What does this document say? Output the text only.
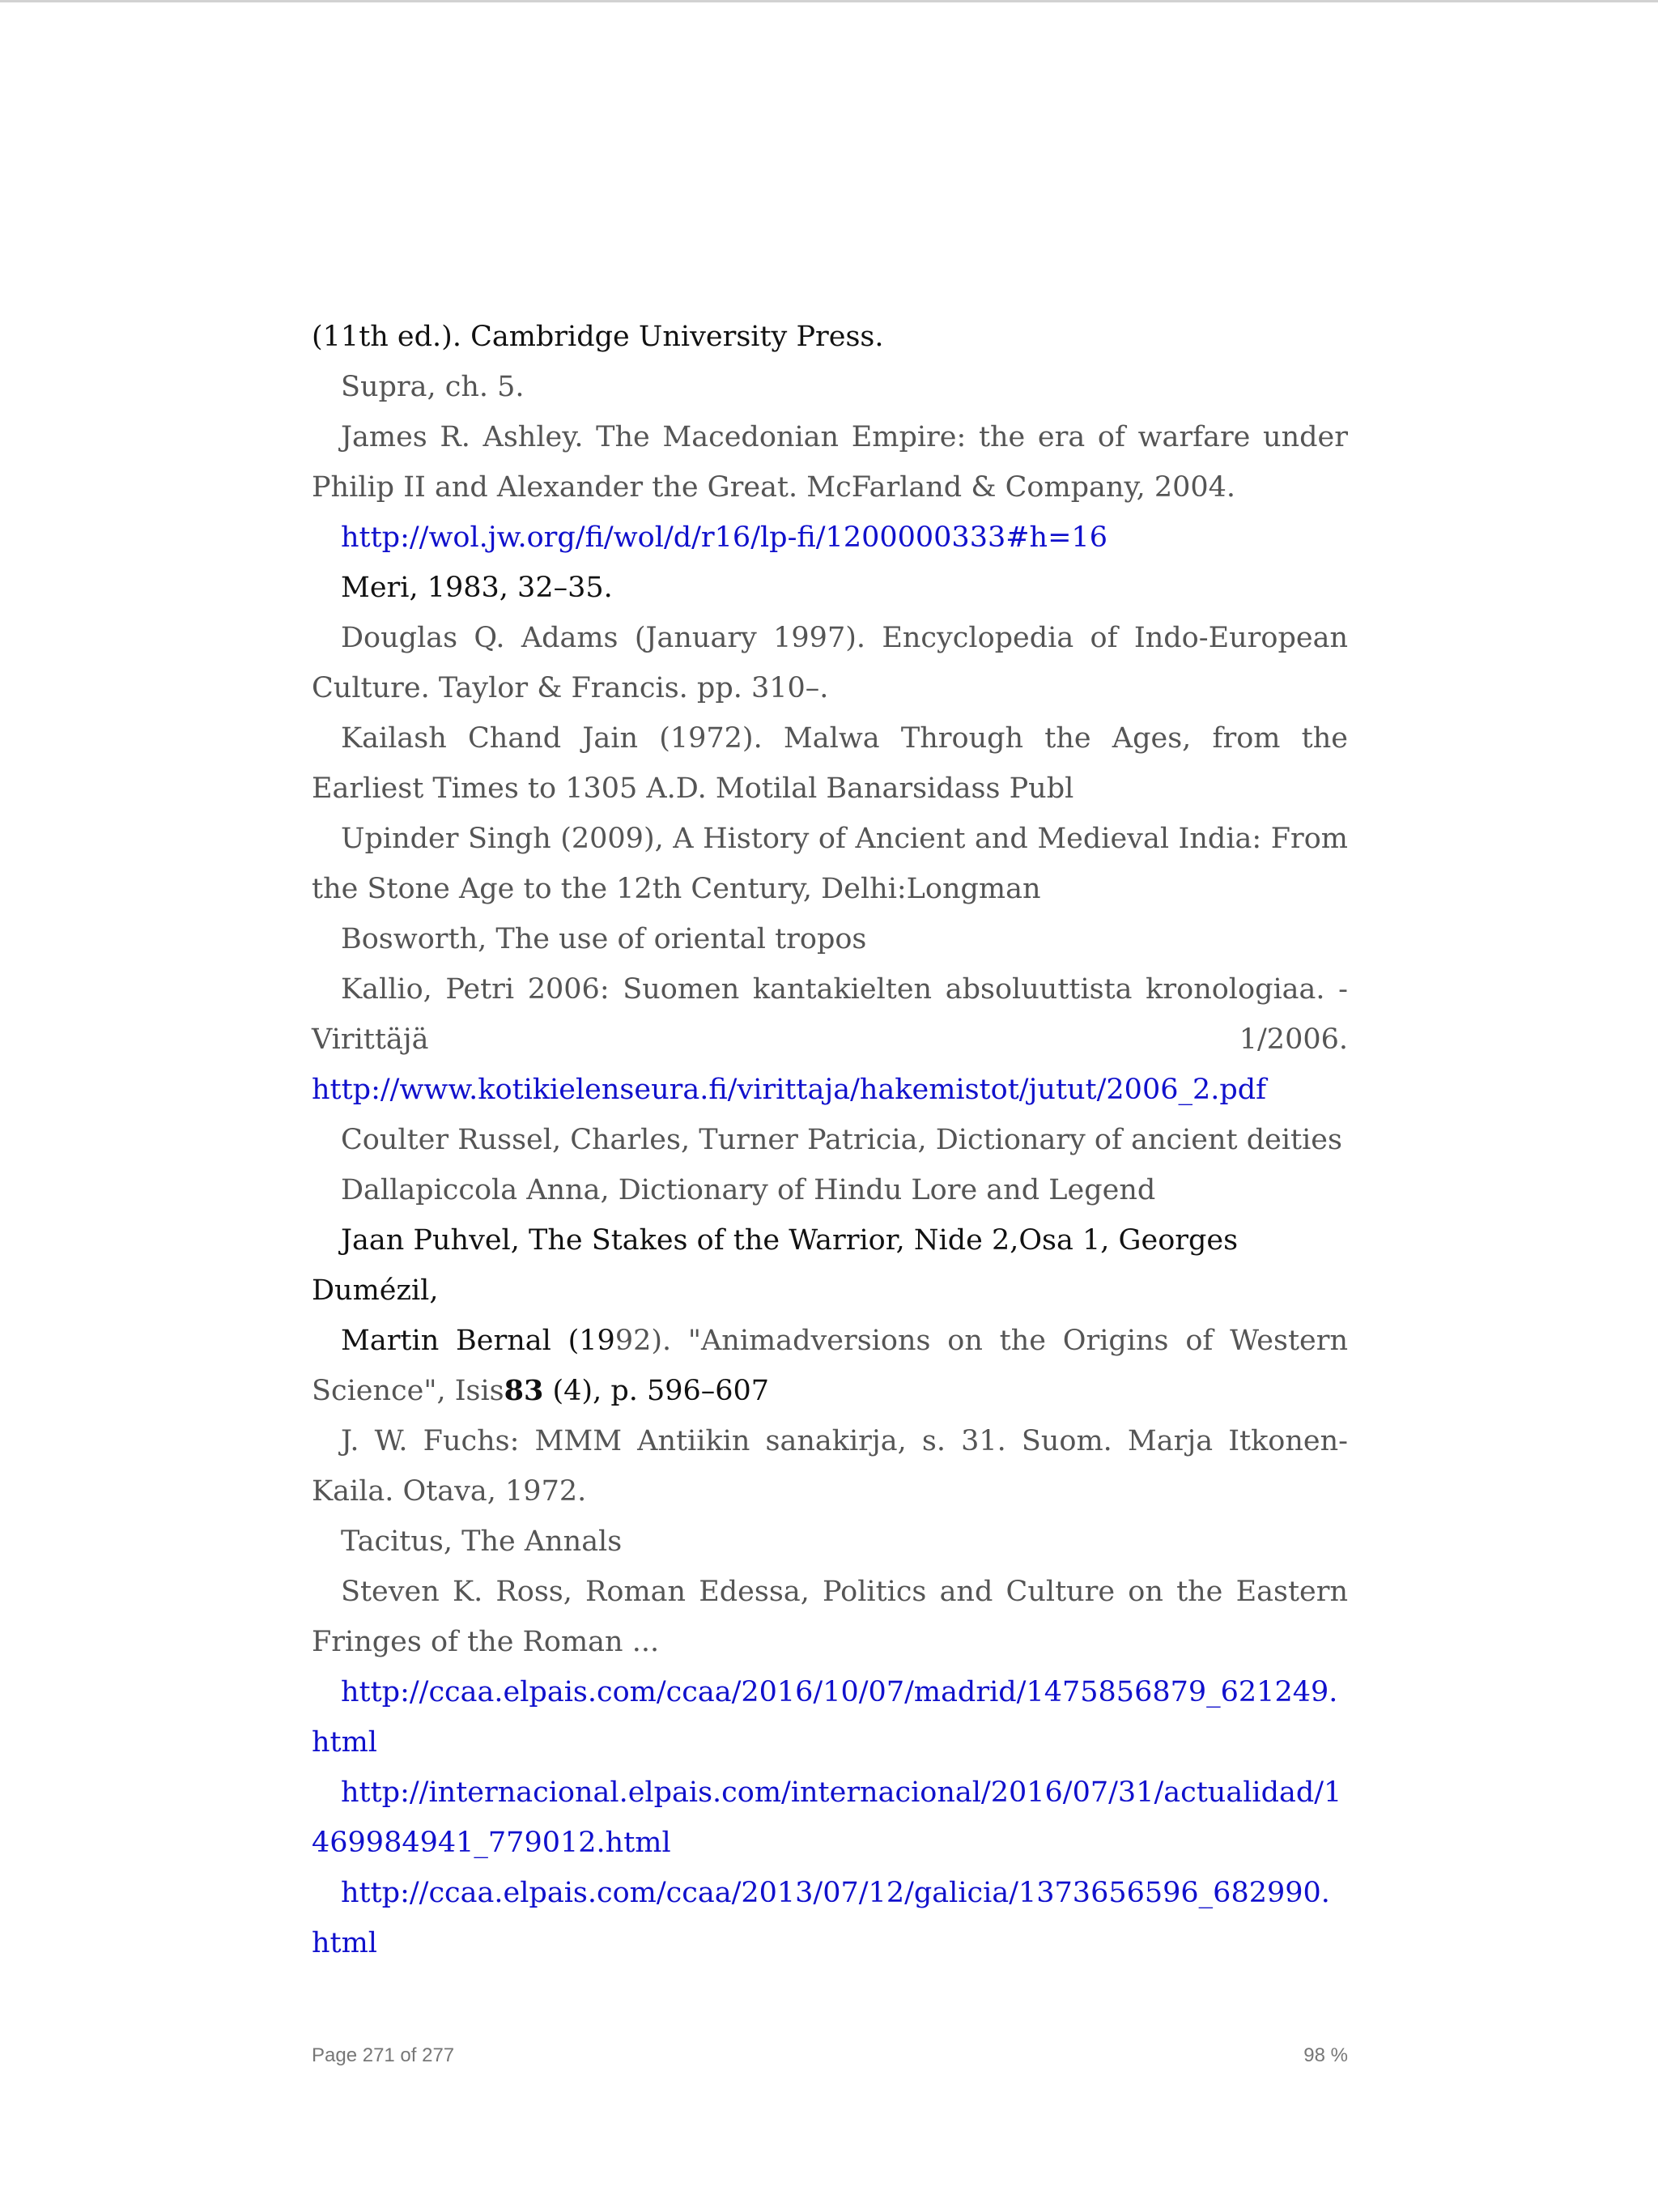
(11th ed.). Cambridge University Press.

Supra, ch. 5.

James R. Ashley. The Macedonian Empire: the era of warfare under Philip II and Alexander the Great. McFarland & Company, 2004.

http://wol.jw.org/fi/wol/d/r16/lp-fi/1200000333#h=16

Meri, 1983, 32–35.

Douglas Q. Adams (January 1997). Encyclopedia of Indo-European Culture. Taylor & Francis. pp. 310–.

Kailash Chand Jain (1972). Malwa Through the Ages, from the Earliest Times to 1305 A.D. Motilal Banarsidass Publ

Upinder Singh (2009), A History of Ancient and Medieval India: From the Stone Age to the 12th Century, Delhi:Longman

Bosworth, The use of oriental tropos

Kallio, Petri 2006: Suomen kantakielten absoluuttista kronologiaa. -

Virittäjä	1/2006.

http://www.kotikielenseura.fi/virittaja/hakemistot/jutut/2006_2.pdf

Coulter Russel, Charles, Turner Patricia, Dictionary of ancient deities

Dallapiccola Anna, Dictionary of Hindu Lore and Legend

Jaan Puhvel, The Stakes of the Warrior, Nide 2,Osa 1, Georges Dumézil,

Martin Bernal (1992). "Animadversions on the Origins of Western Science", Isis83 (4), p. 596–607

J. W. Fuchs: MMM Antiikin sanakirja, s. 31. Suom. Marja Itkonen-Kaila. Otava, 1972.

Tacitus, The Annals

Steven K. Ross, Roman Edessa, Politics and Culture on the Eastern Fringes of the Roman ...

http://ccaa.elpais.com/ccaa/2016/10/07/madrid/1475856879_621249.html

http://internacional.elpais.com/internacional/2016/07/31/actualidad/1469984941_779012.html

http://ccaa.elpais.com/ccaa/2013/07/12/galicia/1373656596_682990.html

Page 271 of 277	98 %
